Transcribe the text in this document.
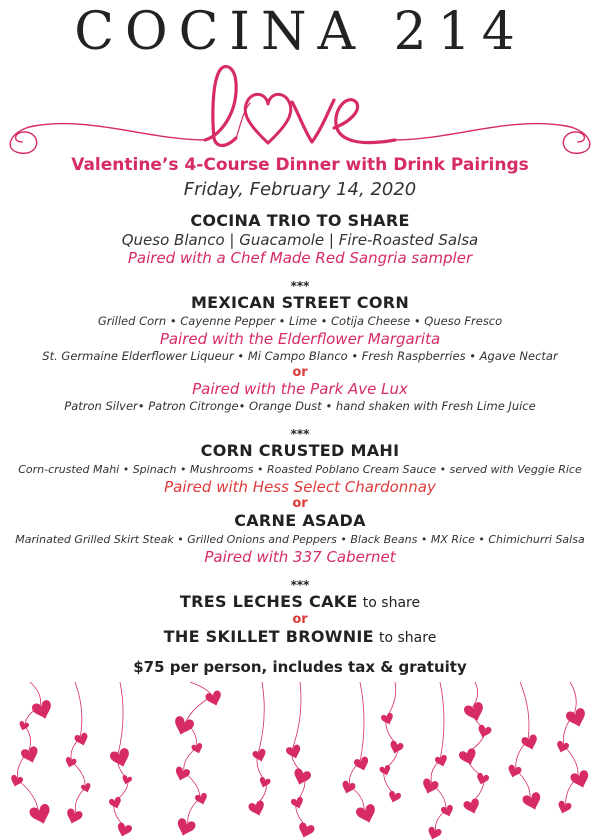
COCINA 214
Valentine’s 4-Course Dinner with Drink Pairings
Friday, February 14, 2020
COCINA TRIO TO SHARE
Queso Blanco | Guacamole | Fire-Roasted Salsa
Paired with a Chef Made Red Sangria sampler
***
MEXICAN STREET CORN
Grilled Corn • Cayenne Pepper • Lime • Cotija Cheese • Queso Fresco
Paired with the Elderflower Margarita
St. Germaine Elderflower Liqueur • Mi Campo Blanco • Fresh Raspberries • Agave Nectar
or
Paired with the Park Ave Lux
Patron Silver• Patron Citronge• Orange Dust • hand shaken with Fresh Lime Juice
***
CORN CRUSTED MAHI
Corn-crusted Mahi • Spinach • Mushrooms • Roasted Poblano Cream Sauce • served with Veggie Rice
Paired with Hess Select Chardonnay
or
CARNE ASADA
Marinated Grilled Skirt Steak • Grilled Onions and Peppers • Black Beans • MX Rice • Chimichurri Salsa
Paired with 337 Cabernet
***
TRES LECHES CAKE to share
or
THE SKILLET BROWNIE to share
$75 per person, includes tax & gratuity
